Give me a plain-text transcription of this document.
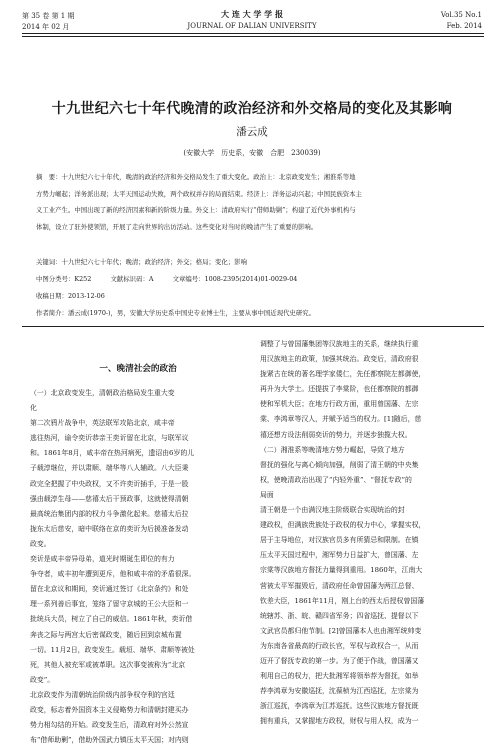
第 35 卷 第 1 期
2014 年 02 月
大 连 大 学 学 报
JOURNAL OF DALIAN UNIVERSITY
Vol.35 No.1
Feb. 2014
十九世纪六七十年代晚清的政治经济和外交格局的变化及其影响
潘云成
(安徽大学　历史系，安徽　合肥　230039)
摘　要：十九世纪六七十年代，晚清的政治经济和外交格局发生了重大变化。政治上：北京政变发生；湘淮系等地
方势力崛起；洋务派出现；太平天国运动失败，两个政权并存的局面结束。经济上：洋务运动兴起；中国民族资本主
义工业产生。中国出现了新的经济因素和新的阶级力量。外交上：清政府实行“借师助剿”；构建了近代外事机构与
体制，设立了驻外使领馆，开展了走向世界的出访活动。这些变化对当时的晚清产生了重要的影响。
关键词：十九世纪六七十年代；晚清；政治经济；外交；格局；变化；影响
中图分类号：K252　　　文献标识码：A　　　文章编号：1008-2395(2014)01-0029-04
收稿日期：2013-12-06
作者简介：潘云成(1970-)，男，安徽大学历史系中国史专业博士生，主要从事中国近现代史研究。
一、晚清社会的政治
（一）北京政变发生，清朝政治格局发生重大变
化
第二次鸦片战争中，英法联军攻陷北京，咸丰帝
逃往热河，谕令奕䜣恭亲王奕䜣留在北京，与联军议
和。1861年8月，咸丰帝在热河病死，遗诏由6岁的儿
子载淳继位，并以肃顺、端华等八人辅政。八大臣秉
政完全把握了中央政权，又不许奕䜣插手，于是一股
强由载淳生母——慈禧太后干预政事，这就使得清朝
最高统治集团内部的权力斗争激化起来。慈禧太后拉
拢东太后慈安，暗中联络在京的奕䜣为后援准备发动
政变。
奕䜣是咸丰帝异母弟，道光时期诞生即位的有力
争夺者，咸丰初年遭到更斥，他和咸丰帝的矛盾很深。
留在北京议和期间，奕䜣通过签订《北京条约》和处
理一系列善后事宜，笼络了留守京城的王公大臣和一
批统兵大员，树立了自己的威信。1861年秋，奕䜣借
奔丧之际与两宫太后密谋政变，随后回到京城布置
一切。11月2日，政变发生。载垣、端华、肃顺等被处
死，其他人被充军或被革职。这次事变被称为“北京
政变”。
北京政变作为清朝统治阶级内部争权夺利的宫廷
政变，标志着外国资本主义侵略势力和清朝封建买办
势力相勾结的开始。政变发生后，清政府对外公然宣
布“借师助剿”，借助外国武力镇压太平天国；对内则
调整了与曾国藩集团等汉族地主的关系，继续执行重
用汉族地主的政策，加强其统治。政变后，清政府很
拢紧古在统的著名理学家倭仁，先任都察院左都御使，
再升为大学士。还提拔了李棠阶，也任都察院的都御
使和军机大臣；在地方行政方面，重用曾国藩、左宗
棠、李鸿章等汉人，并赋予适当的权力。[1]随后，慈
禧还想方设法削弱奕䜣的势力，并逐步独揽大权。
（二）湘淮系等晚清地方势力崛起，导致了地方
督抚的强化与离心倾向加强，削弱了清王朝的中央集
权，使晚清政治出现了“内轻外重”、“督抚专政”的
局面
清王朝是一个由满汉地主阶级联合实现统治的封
建政权，但满族贵族处于政权的权力中心，掌握实权，
居于主导地位，对汉族官员多有所猜忌和限制。在镇
压太平天国过程中，湘军势力日益扩大，曾国藩、左
宗棠等汉族地方督抚力量得到重用。1860年，江南大
营被太平军摧毁后，清政府任命曾国藩为两江总督、
钦差大臣，1861年11月，刚上台的西太后授权曾国藩
统辖苏、浙、皖、赣四省军务；四省巡抚、提督以下
文武官员都归他节制。[2]曾国藩本人也由湘军统帅变
为东南各省最高的行政长官，军权与政权合一，从而
迈开了督抚专政的第一步。为了便于作战，曾国藩又
利用自己的权力，把大批湘军将领举荐为督抚，如举
荐李鸿章为安徽巡抚，沈葆桢为江西巡抚，左宗棠为
浙江巡抚，李鸿章为江苏巡抚。这些汉族地方督抚既
拥有重兵，又掌握地方政权，财权与用人权，成为一
